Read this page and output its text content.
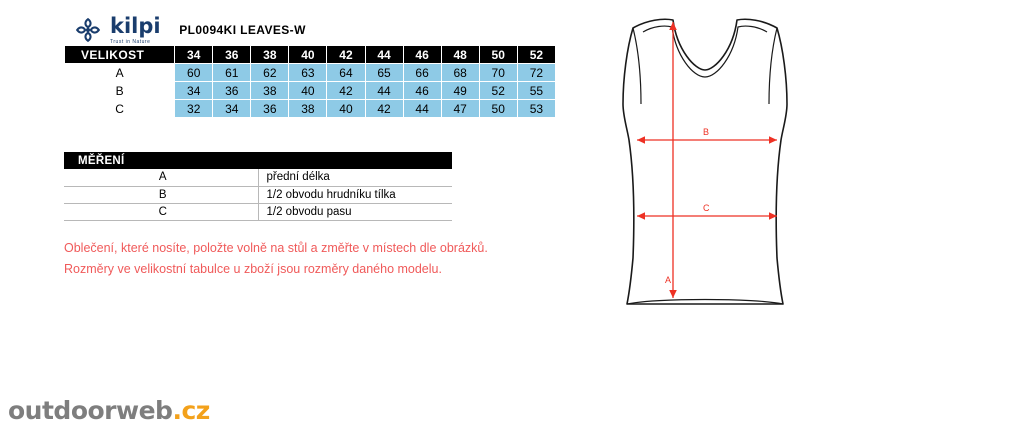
kilpi
Trust in Nature	PL0094KI LEAVES-W									
VELIKOST	34	36	38	40	42	44	46	48	50	52
A	60	61	62	63	64	65	66	68	70	72
B	34	36	38	40	42	44	46	49	52	55
C	32	34	36	38	40	42	44	47	50	53
MĚŘENÍ	
A	přední délka
B	1/2 obvodu hrudníku tílka
C	1/2 obvodu pasu
Oblečení, které nosíte, položte volně na stůl a změřte v místech dle obrázků.
Rozměry ve velikostní tabulce u zboží jsou rozměry daného modelu.
B
C
A
outdoorweb.cz
